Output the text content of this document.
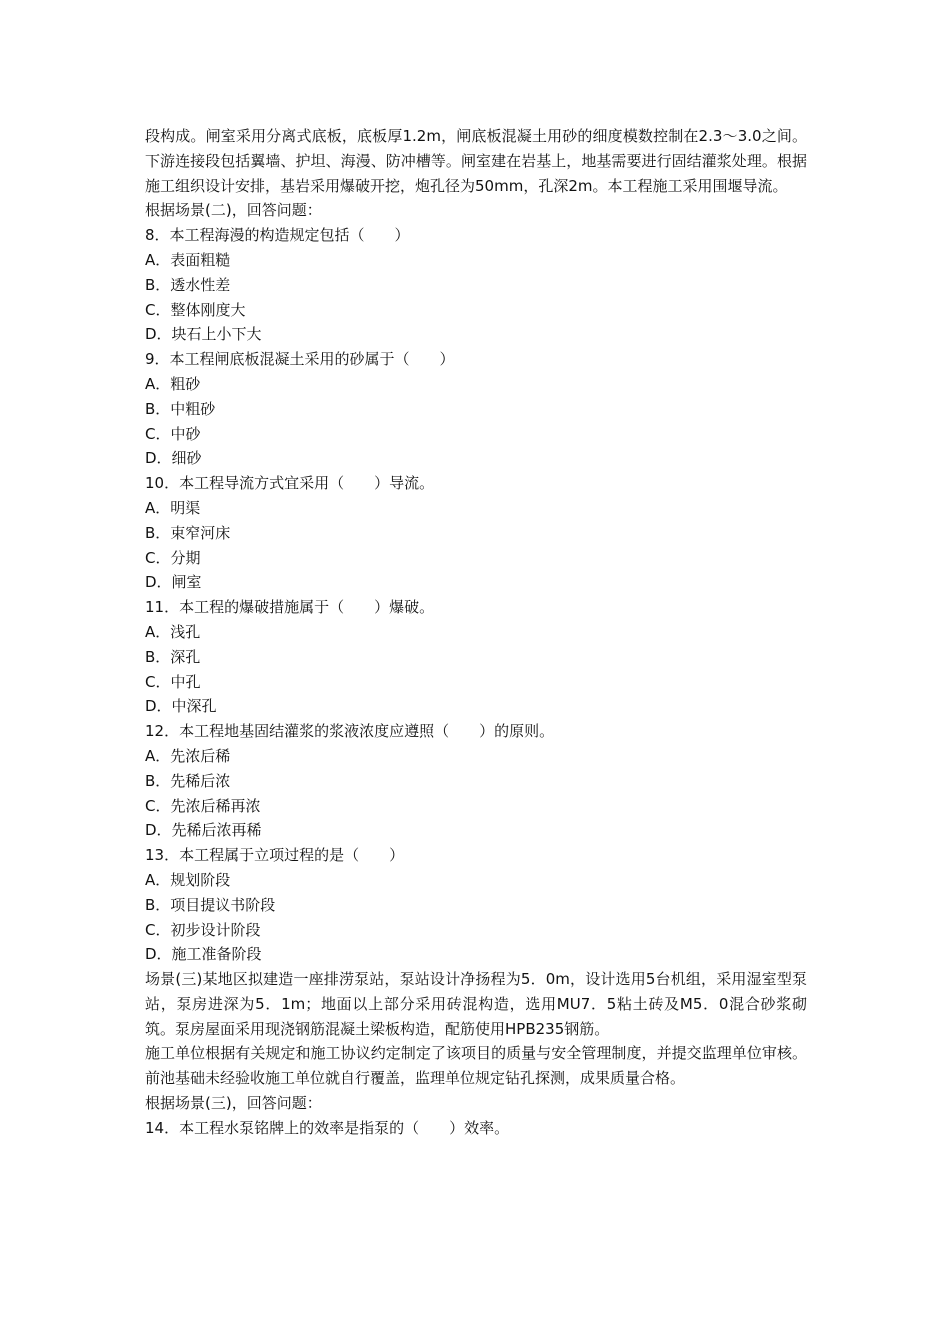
段构成。闸室采用分离式底板，底板厚1.2m，闸底板混凝土用砂的细度模数控制在2.3～3.0之间。下游连接段包括翼墙、护坦、海漫、防冲槽等。闸室建在岩基上，地基需要进行固结灌浆处理。根据施工组织设计安排，基岩采用爆破开挖，炮孔径为50mm，孔深2m。本工程施工采用围堰导流。

根据场景(二)，回答问题：

8．本工程海漫的构造规定包括（　　）

A．表面粗糙

B．透水性差

C．整体刚度大

D．块石上小下大

9．本工程闸底板混凝土采用的砂属于（　　）

A．粗砂

B．中粗砂

C．中砂

D．细砂

10．本工程导流方式宜采用（　　）导流。

A．明渠

B．束窄河床

C．分期

D．闸室

11．本工程的爆破措施属于（　　）爆破。

A．浅孔

B．深孔

C．中孔

D．中深孔

12．本工程地基固结灌浆的浆液浓度应遵照（　　）的原则。

A．先浓后稀

B．先稀后浓

C．先浓后稀再浓

D．先稀后浓再稀

13．本工程属于立项过程的是（　　）

A．规划阶段

B．项目提议书阶段

C．初步设计阶段

D．施工准备阶段

场景(三)某地区拟建造一座排涝泵站，泵站设计净扬程为5．0m，设计选用5台机组，采用湿室型泵站，泵房进深为5．1m；地面以上部分采用砖混构造，选用MU7．5粘土砖及M5．0混合砂浆砌筑。泵房屋面采用现浇钢筋混凝土梁板构造，配筋使用HPB235钢筋。

施工单位根据有关规定和施工协议约定制定了该项目的质量与安全管理制度，并提交监理单位审核。前池基础未经验收施工单位就自行覆盖，监理单位规定钻孔探测，成果质量合格。

根据场景(三)，回答问题：

14．本工程水泵铭牌上的效率是指泵的（　　）效率。
